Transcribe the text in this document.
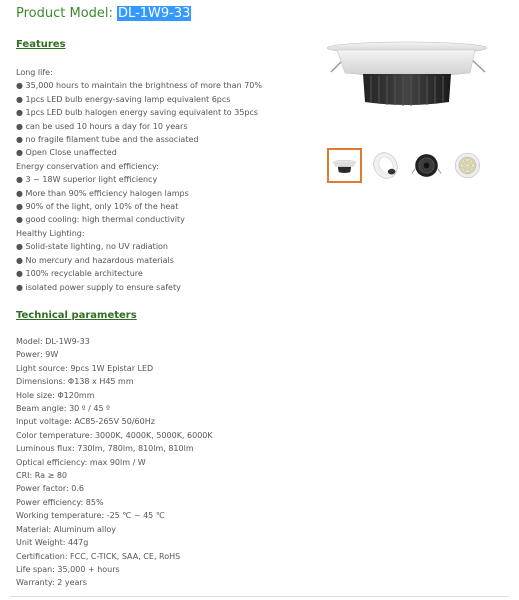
Product Model: DL-1W9-33
Features
Long life:
● 35,000 hours to maintain the brightness of more than 70%
● 1pcs LED bulb energy-saving lamp equivalent 6pcs
● 1pcs LED bulb halogen energy saving equivalent to 35pcs
● can be used 10 hours a day for 10 years
● no fragile filament tube and the associated
● Open Close unaffected
Energy conservation and efficiency:
● 3 ~ 18W superior light efficiency
● More than 90% efficiency halogen lamps
● 90% of the light, only 10% of the heat
● good cooling: high thermal conductivity
Healthy Lighting:
● Solid-state lighting, no UV radiation
● No mercury and hazardous materials
● 100% recyclable architecture
● isolated power supply to ensure safety
Technical parameters
Model: DL-1W9-33
Power: 9W
Light source: 9pcs 1W Epistar LED
Dimensions: Φ138 x H45 mm
Hole size: Φ120mm
Beam angle: 30 º / 45 º
Input voltage: AC85-265V 50/60Hz
Color temperature: 3000K, 4000K, 5000K, 6000K
Luminous flux: 730lm, 780lm, 810lm, 810lm
Optical efficiency: max 90lm / W
CRI: Ra ≥ 80
Power factor: 0.6
Power efficiency: 85%
Working temperature: -25 ℃ ~ 45 ℃
Material: Aluminum alloy
Unit Weight: 447g
Certification: FCC, C-TICK, SAA, CE, RoHS
Life span: 35,000 + hours
Warranty: 2 years
